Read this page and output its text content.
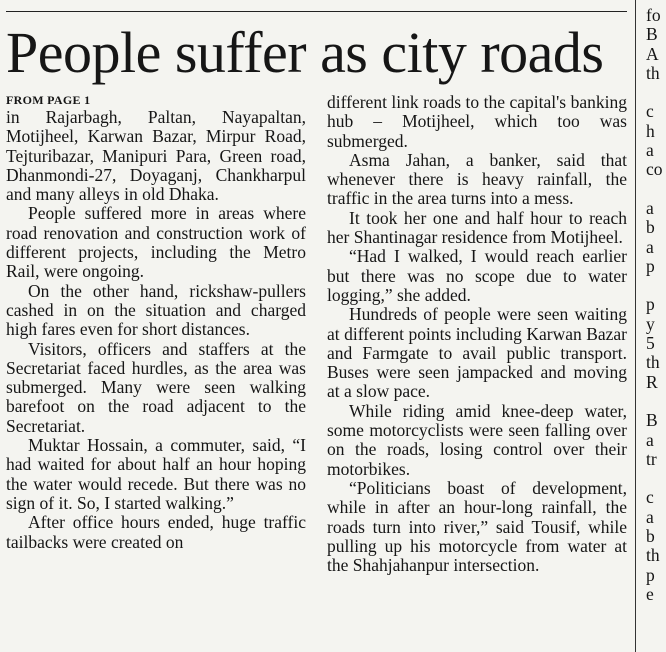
People suffer as city roads
FROM PAGE 1

in Rajarbagh, Paltan, Nayapaltan, Motijheel, Karwan Bazar, Mirpur Road, Tejturibazar, Manipuri Para, Green road, Dhanmondi-27, Doyaganj, Chankharpul and many alleys in old Dhaka.

People suffered more in areas where road renovation and construction work of different projects, including the Metro Rail, were ongoing.

On the other hand, rickshaw-pullers cashed in on the situation and charged high fares even for short distances.

Visitors, officers and staffers at the Secretariat faced hurdles, as the area was submerged. Many were seen walking barefoot on the road adjacent to the Secretariat.

Muktar Hossain, a commuter, said, “I had waited for about half an hour hoping the water would recede. But there was no sign of it. So, I started walking.”

After office hours ended, huge traffic tailbacks were created on

different link roads to the capital's banking hub – Motijheel, which too was submerged.

Asma Jahan, a banker, said that whenever there is heavy rainfall, the traffic in the area turns into a mess.

It took her one and half hour to reach her Shantinagar residence from Motijheel.

“Had I walked, I would reach earlier but there was no scope due to water logging,” she added.

Hundreds of people were seen waiting at different points including Karwan Bazar and Farmgate to avail public transport. Buses were seen jampacked and moving at a slow pace.

While riding amid knee-deep water, some motorcyclists were seen falling over on the roads, losing control over their motorbikes.

“Politicians boast of development, while in after an hour-long rainfall, the roads turn into river,” said Tousif, while pulling up his motorcycle from water at the Shahjahanpur intersection.

fo
B
A
th
c
h
a
co
a
b
a
p
p
y
5
th
R
B
a
tr
c
a
b
th
p
e
